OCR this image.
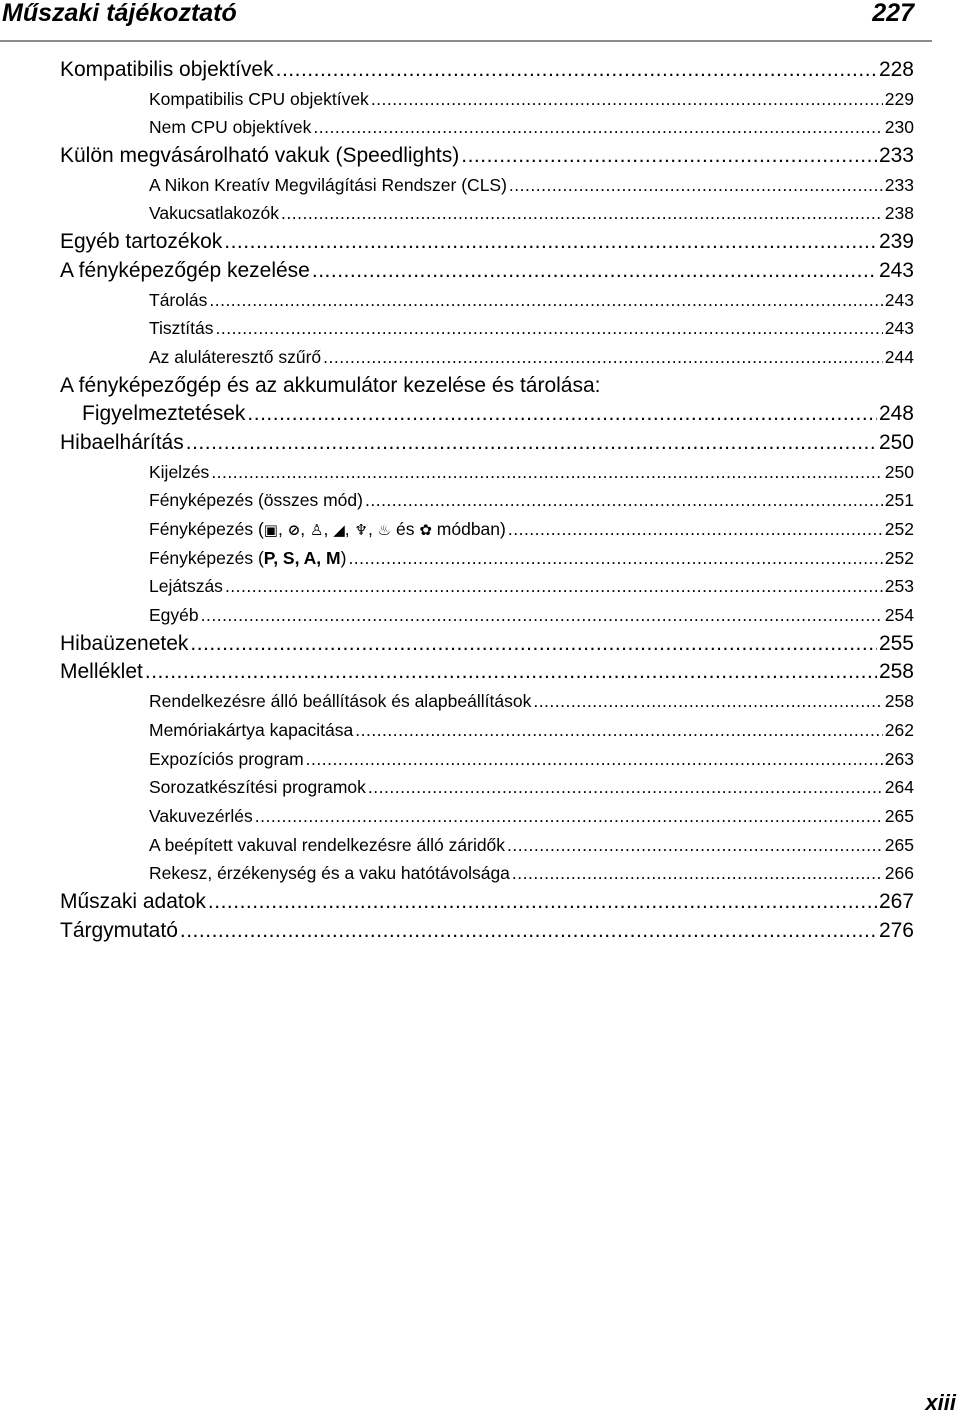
Műszaki tájékoztató	227
Kompatibilis objektívek .....	228
Kompatibilis CPU objektívek .....	229
Nem CPU objektívek .....	230
Külön megvásárolható vakuk (Speedlights) .....	233
A Nikon Kreatív Megvilágítási Rendszer (CLS) .....	233
Vakucsatlakozók .....	238
Egyéb tartozékok .....	239
A fényképezőgép kezelése .....	243
Tárolás .....	243
Tisztítás .....	243
Az aluláteresztő szűrő .....	244
A fényképezőgép és az akkumulátor kezelése és tárolása:
Figyelmeztetések .....	248
Hibaelhárítás .....	250
Kijelzés .....	250
Fényképezés (összes mód) .....	251
Fényképezés (▣, ⊘, ♙, ◢, ♆, ♨ és ✿ módban) .....	252
Fényképezés (P, S, A, M) .....	252
Lejátszás .....	253
Egyéb .....	254
Hibaüzenetek .....	255
Melléklet .....	258
Rendelkezésre álló beállítások és alapbeállítások .....	258
Memóriakártya kapacitása .....	262
Expozíciós program .....	263
Sorozatkészítési programok .....	264
Vakuvezérlés .....	265
A beépített vakuval rendelkezésre álló záridők .....	265
Rekesz, érzékenység és a vaku hatótávolsága .....	266
Műszaki adatok .....	267
Tárgymutató .....	276
xiii
